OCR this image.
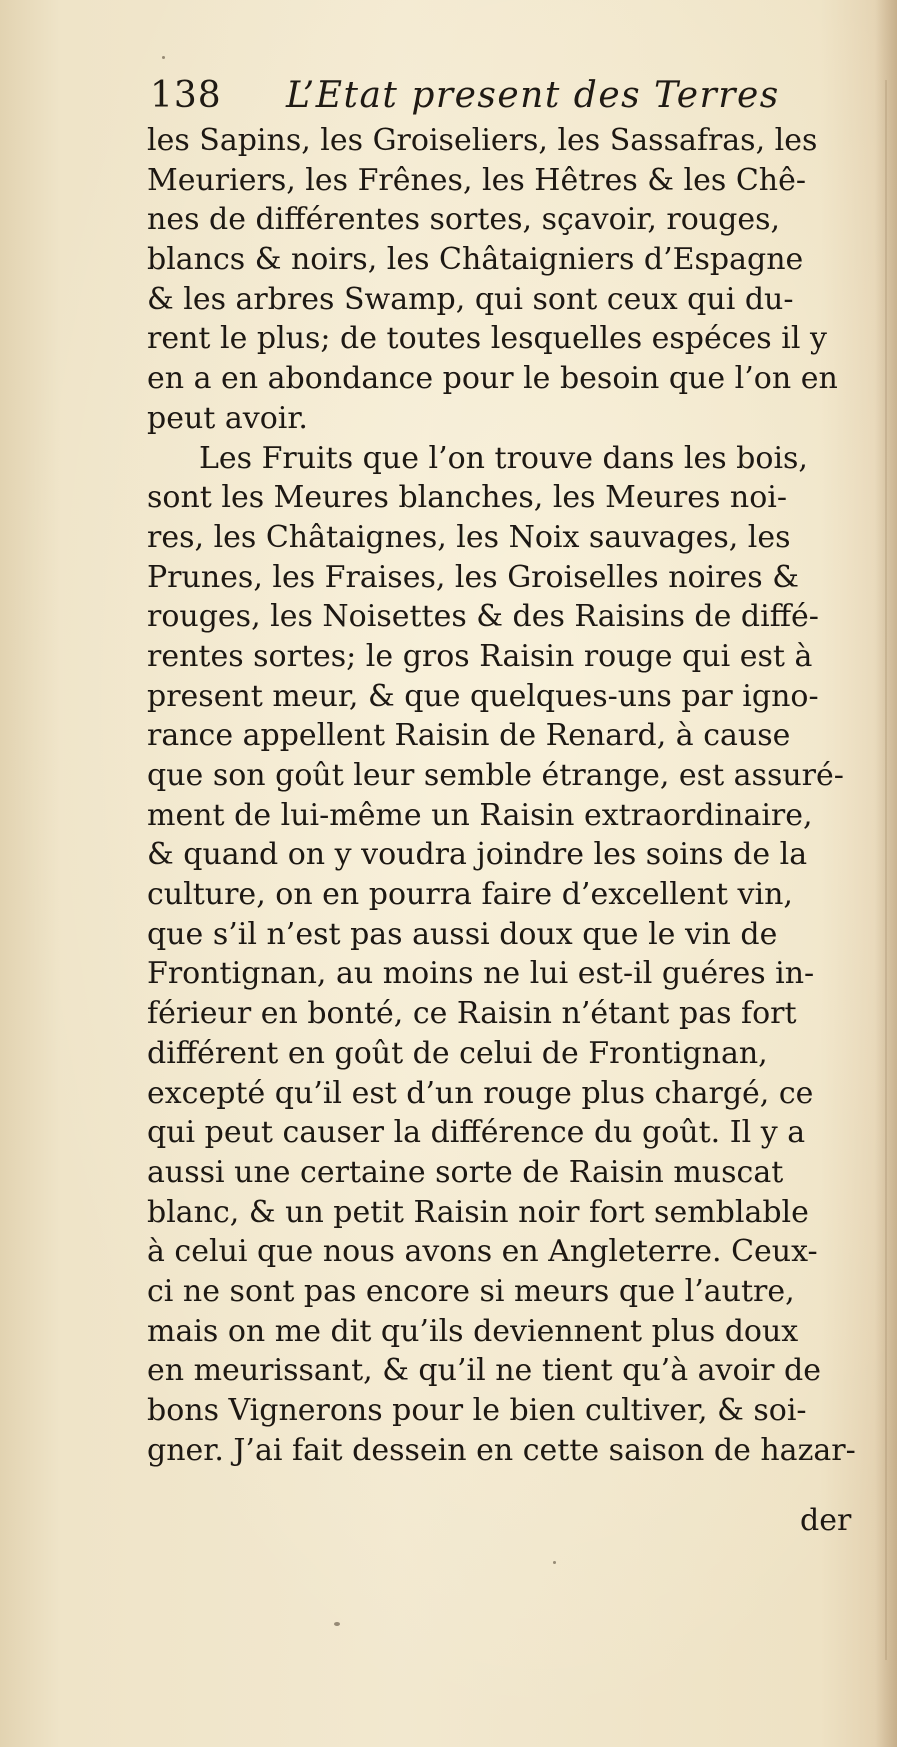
138 L’Etat present des Terres
les Sapins, les Groiseliers, les Sassafras, les
Meuriers, les Frênes, les Hêtres & les Chê-
nes de différentes sortes, sçavoir, rouges,
blancs & noirs, les Châtaigniers d’Espagne
& les arbres Swamp, qui sont ceux qui du-
rent le plus; de toutes lesquelles espéces il y
en a en abondance pour le besoin que l’on en
peut avoir.
Les Fruits que l’on trouve dans les bois,
sont les Meures blanches, les Meures noi-
res, les Châtaignes, les Noix sauvages, les
Prunes, les Fraises, les Groiselles noires &
rouges, les Noisettes & des Raisins de diffé-
rentes sortes; le gros Raisin rouge qui est à
present meur, & que quelques-uns par igno-
rance appellent Raisin de Renard, à cause
que son goût leur semble étrange, est assuré-
ment de lui-même un Raisin extraordinaire,
& quand on y voudra joindre les soins de la
culture, on en pourra faire d’excellent vin,
que s’il n’est pas aussi doux que le vin de
Frontignan, au moins ne lui est-il guéres in-
férieur en bonté, ce Raisin n’étant pas fort
différent en goût de celui de Frontignan,
excepté qu’il est d’un rouge plus chargé, ce
qui peut causer la différence du goût. Il y a
aussi une certaine sorte de Raisin muscat
blanc, & un petit Raisin noir fort semblable
à celui que nous avons en Angleterre. Ceux-
ci ne sont pas encore si meurs que l’autre,
mais on me dit qu’ils deviennent plus doux
en meurissant, & qu’il ne tient qu’à avoir de
bons Vignerons pour le bien cultiver, & soi-
gner. J’ai fait dessein en cette saison de hazar-
der
